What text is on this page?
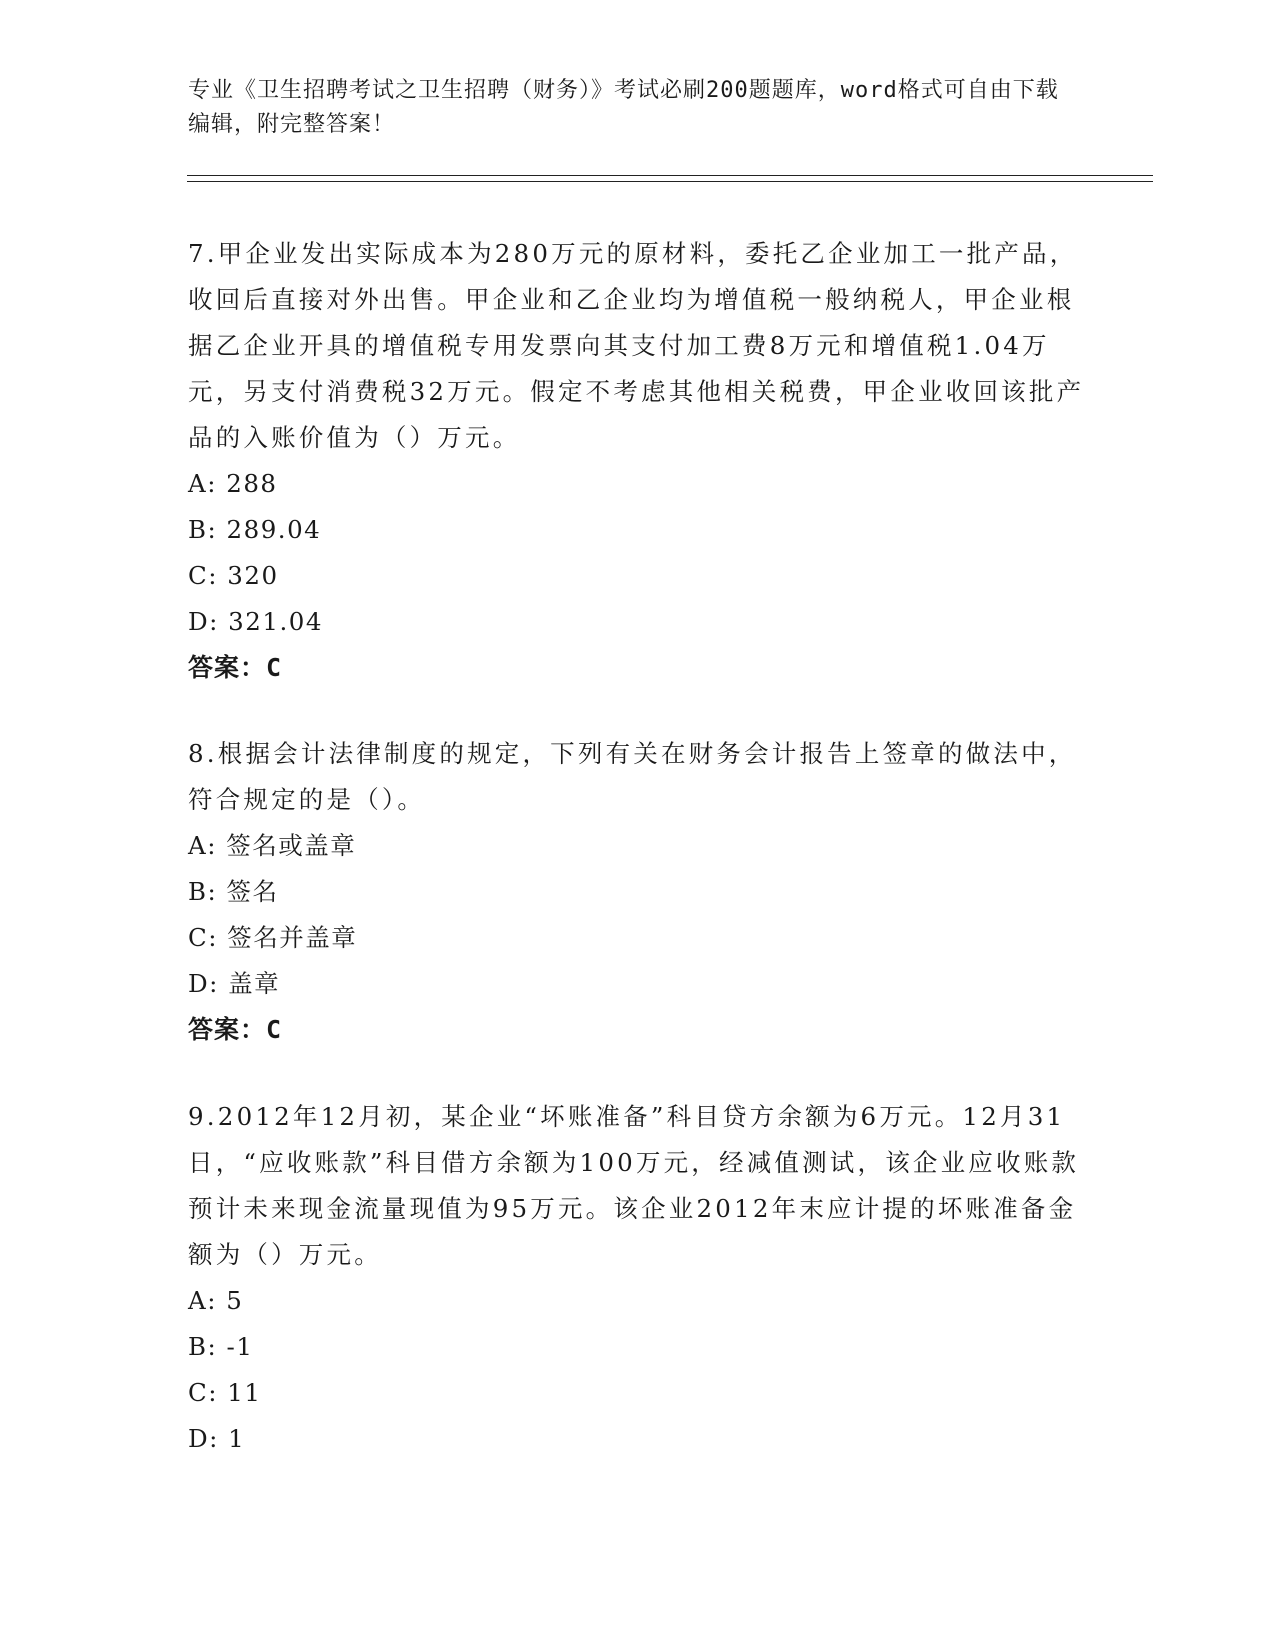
专业《卫生招聘考试之卫生招聘（财务）》考试必刷200题题库，word格式可自由下载编辑，附完整答案！

7.甲企业发出实际成本为280万元的原材料，委托乙企业加工一批产品，收回后直接对外出售。甲企业和乙企业均为增值税一般纳税人，甲企业根据乙企业开具的增值税专用发票向其支付加工费8万元和增值税1.04万元，另支付消费税32万元。假定不考虑其他相关税费，甲企业收回该批产品的入账价值为（）万元。

A: 288

B: 289.04

C: 320

D: 321.04

答案：C

8.根据会计法律制度的规定，下列有关在财务会计报告上签章的做法中，符合规定的是（）。

A: 签名或盖章

B: 签名

C: 签名并盖章

D: 盖章

答案：C

9.2012年12月初，某企业“坏账准备”科目贷方余额为6万元。12月31日，“应收账款”科目借方余额为100万元，经减值测试，该企业应收账款预计未来现金流量现值为95万元。该企业2012年末应计提的坏账准备金额为（）万元。

A: 5

B: -1

C: 11

D: 1
